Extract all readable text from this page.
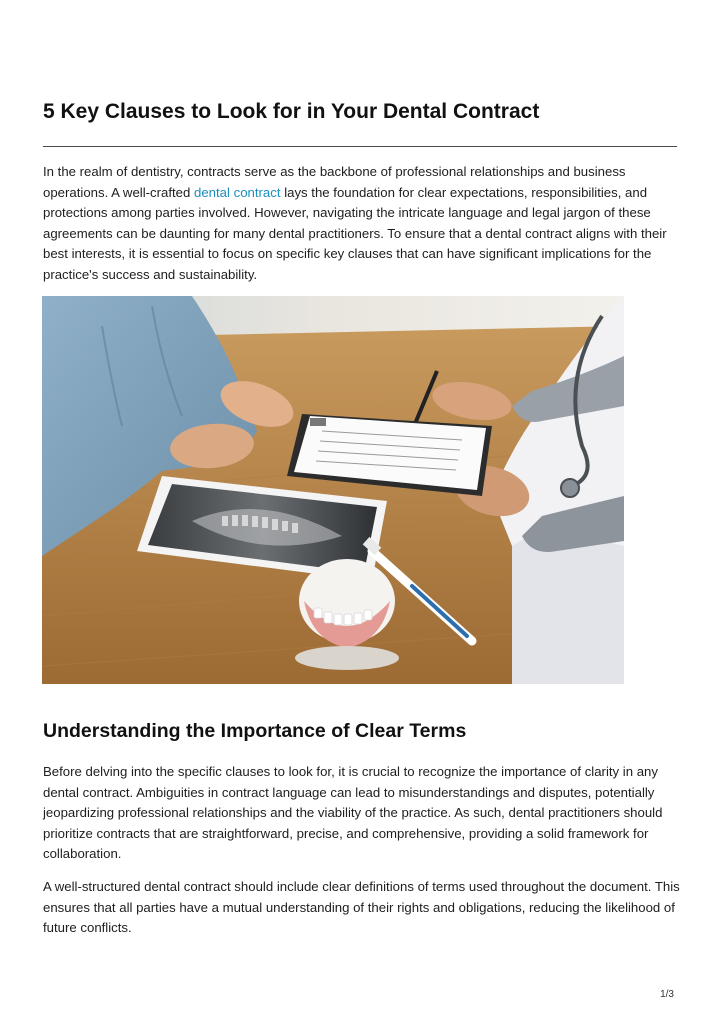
5 Key Clauses to Look for in Your Dental Contract

In the realm of dentistry, contracts serve as the backbone of professional relationships and business operations. A well-crafted dental contract lays the foundation for clear expectations, responsibilities, and protections among parties involved. However, navigating the intricate language and legal jargon of these agreements can be daunting for many dental practitioners. To ensure that a dental contract aligns with their best interests, it is essential to focus on specific key clauses that can have significant implications for the practice's success and sustainability.

Understanding the Importance of Clear Terms

Before delving into the specific clauses to look for, it is crucial to recognize the importance of clarity in any dental contract. Ambiguities in contract language can lead to misunderstandings and disputes, potentially jeopardizing professional relationships and the viability of the practice. As such, dental practitioners should prioritize contracts that are straightforward, precise, and comprehensive, providing a solid framework for collaboration.

A well-structured dental contract should include clear definitions of terms used throughout the document. This ensures that all parties have a mutual understanding of their rights and obligations, reducing the likelihood of future conflicts.

1/3
